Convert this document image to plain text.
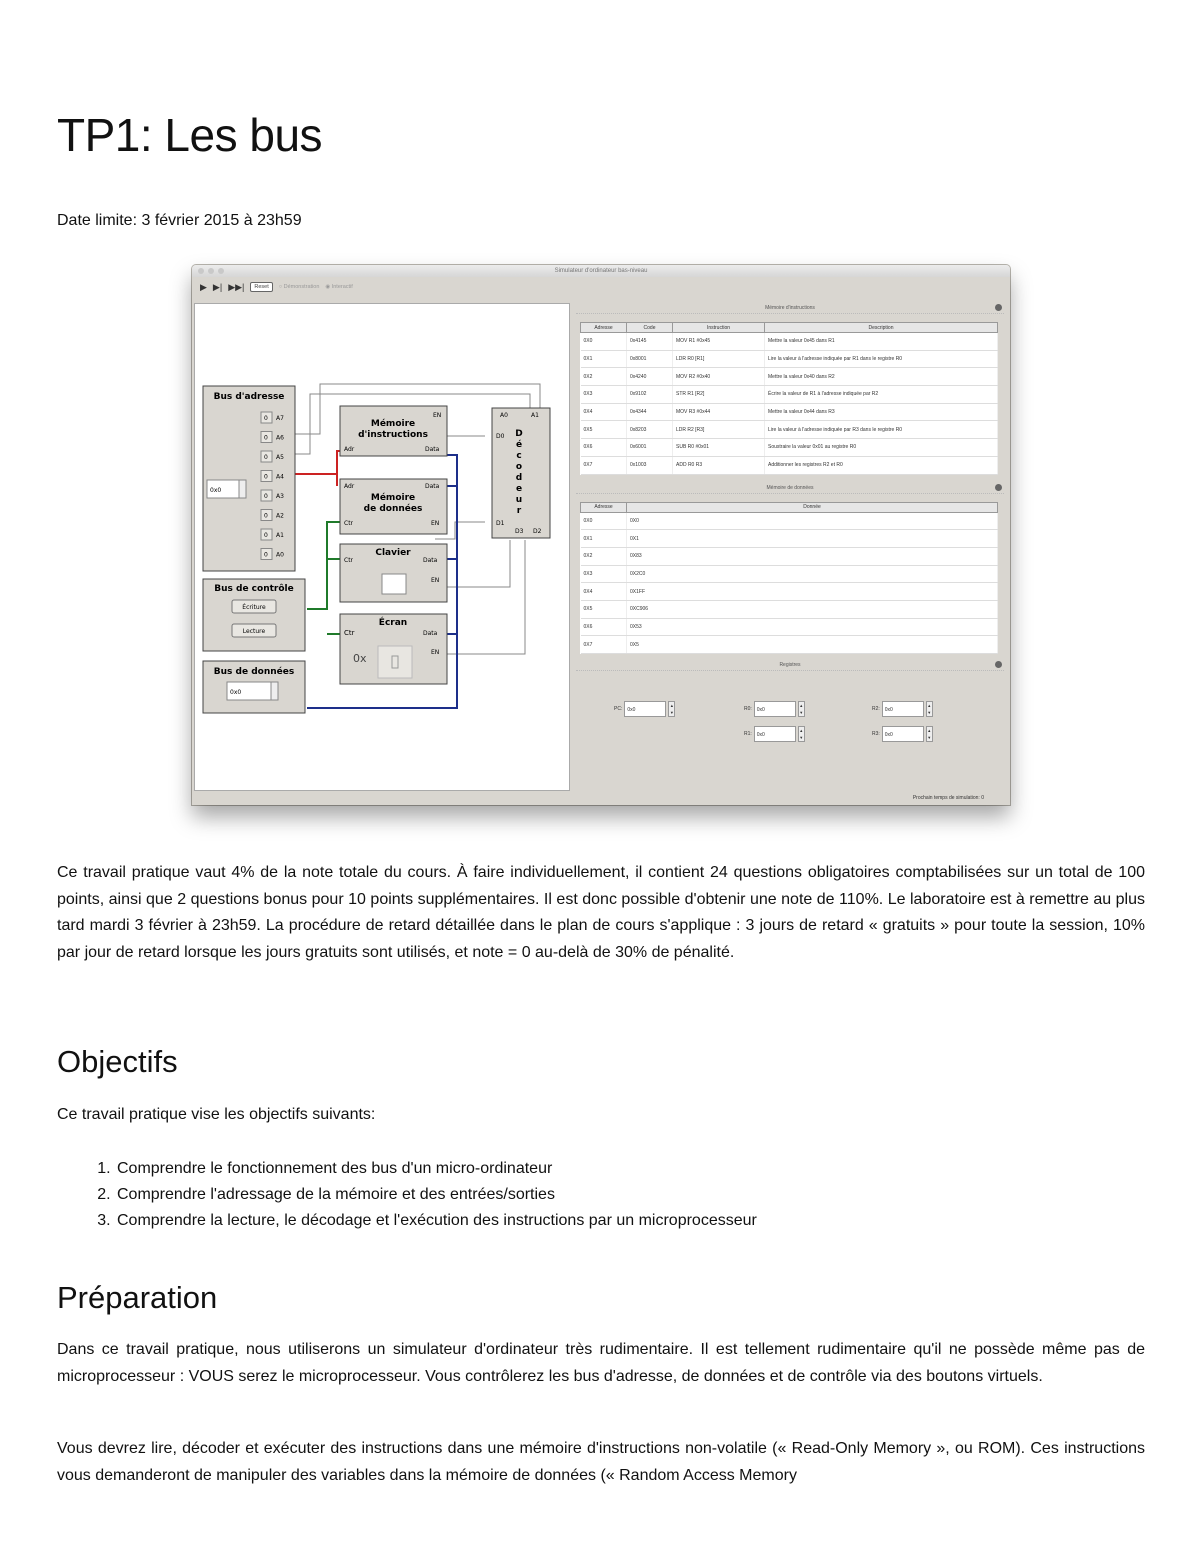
TP1: Les bus

Date limite: 3 février 2015 à 23h59

Simulateur d'ordinateur bas-niveau
▶ ▶| ▶▶|	Reset	○ Démonstration ◉ Interactif
Bus d'adresse
0 A7
0 A6
0 A5
0 A4
0 A3
0 A2
0 A1
0 A0
0x0
Bus de contrôle
Écriture
Lecture
Bus de données
0x0
Mémoire
d'instructions
EN
Adr	Data
Adr	Data
Mémoire
de données
Ctr	EN
Clavier
Ctr	Data
EN
Écran
Ctr	Data
EN
0x
A0	A1
D0
D1
D3 D2
D
é
c
o
d
e
u
r
Mémoire d'instructions
Adresse	Code	Instruction	Description
0X0	0x4145	MOV R1 #0x45	Mettre la valeur 0x45 dans R1
0X1	0x8001	LDR R0 [R1]	Lire la valeur à l'adresse indiquée par R1 dans le registre R0
0X2	0x4240	MOV R2 #0x40	Mettre la valeur 0x40 dans R2
0X3	0x9102	STR R1 [R2]	Écrire la valeur de R1 à l'adresse indiquée par R2
0X4	0x4344	MOV R3 #0x44	Mettre la valeur 0x44 dans R3
0X5	0x8203	LDR R2 [R3]	Lire la valeur à l'adresse indiquée par R3 dans le registre R0
0X6	0x6001	SUB R0 #0x01	Soustraire la valeur 0x01 au registre R0
0X7	0x1003	ADD R0 R3	Additionner les registres R2 et R0
Mémoire de données
Adresse	Donnée
0X0	0X0
0X1	0X1
0X2	0X83
0X3	0X2C0
0X4	0X1FF
0X5	0XC906
0X6	0X53
0X7	0X5
Registres
PC:	0x0
▲
▼
R0:	0x0
▲
▼
R2:	0x0
▲
▼
R1:	0x0
▲
▼
R3:	0x0
▲
▼
Prochain temps de simulation: 0

Ce travail pratique vaut 4% de la note totale du cours. À faire individuellement, il contient 24 questions obligatoires comptabilisées sur un total de 100 points, ainsi que 2 questions bonus pour 10 points supplémentaires. Il est donc possible d'obtenir une note de 110%. Le laboratoire est à remettre au plus tard mardi 3 février à 23h59. La procédure de retard détaillée dans le plan de cours s'applique : 3 jours de retard « gratuits » pour toute la session, 10% par jour de retard lorsque les jours gratuits sont utilisés, et note = 0 au-delà de 30% de pénalité.

Objectifs

Ce travail pratique vise les objectifs suivants:

1. Comprendre le fonctionnement des bus d'un micro-ordinateur
2. Comprendre l'adressage de la mémoire et des entrées/sorties
3. Comprendre la lecture, le décodage et l'exécution des instructions par un microprocesseur
Préparation

Dans ce travail pratique, nous utiliserons un simulateur d'ordinateur très rudimentaire. Il est tellement rudimentaire qu'il ne possède même pas de microprocesseur : VOUS serez le microprocesseur. Vous contrôlerez les bus d'adresse, de données et de contrôle via des boutons virtuels.

Vous devrez lire, décoder et exécuter des instructions dans une mémoire d'instructions non-volatile (« Read-Only Memory », ou ROM). Ces instructions vous demanderont de manipuler des variables dans la mémoire de données (« Random Access Memory
